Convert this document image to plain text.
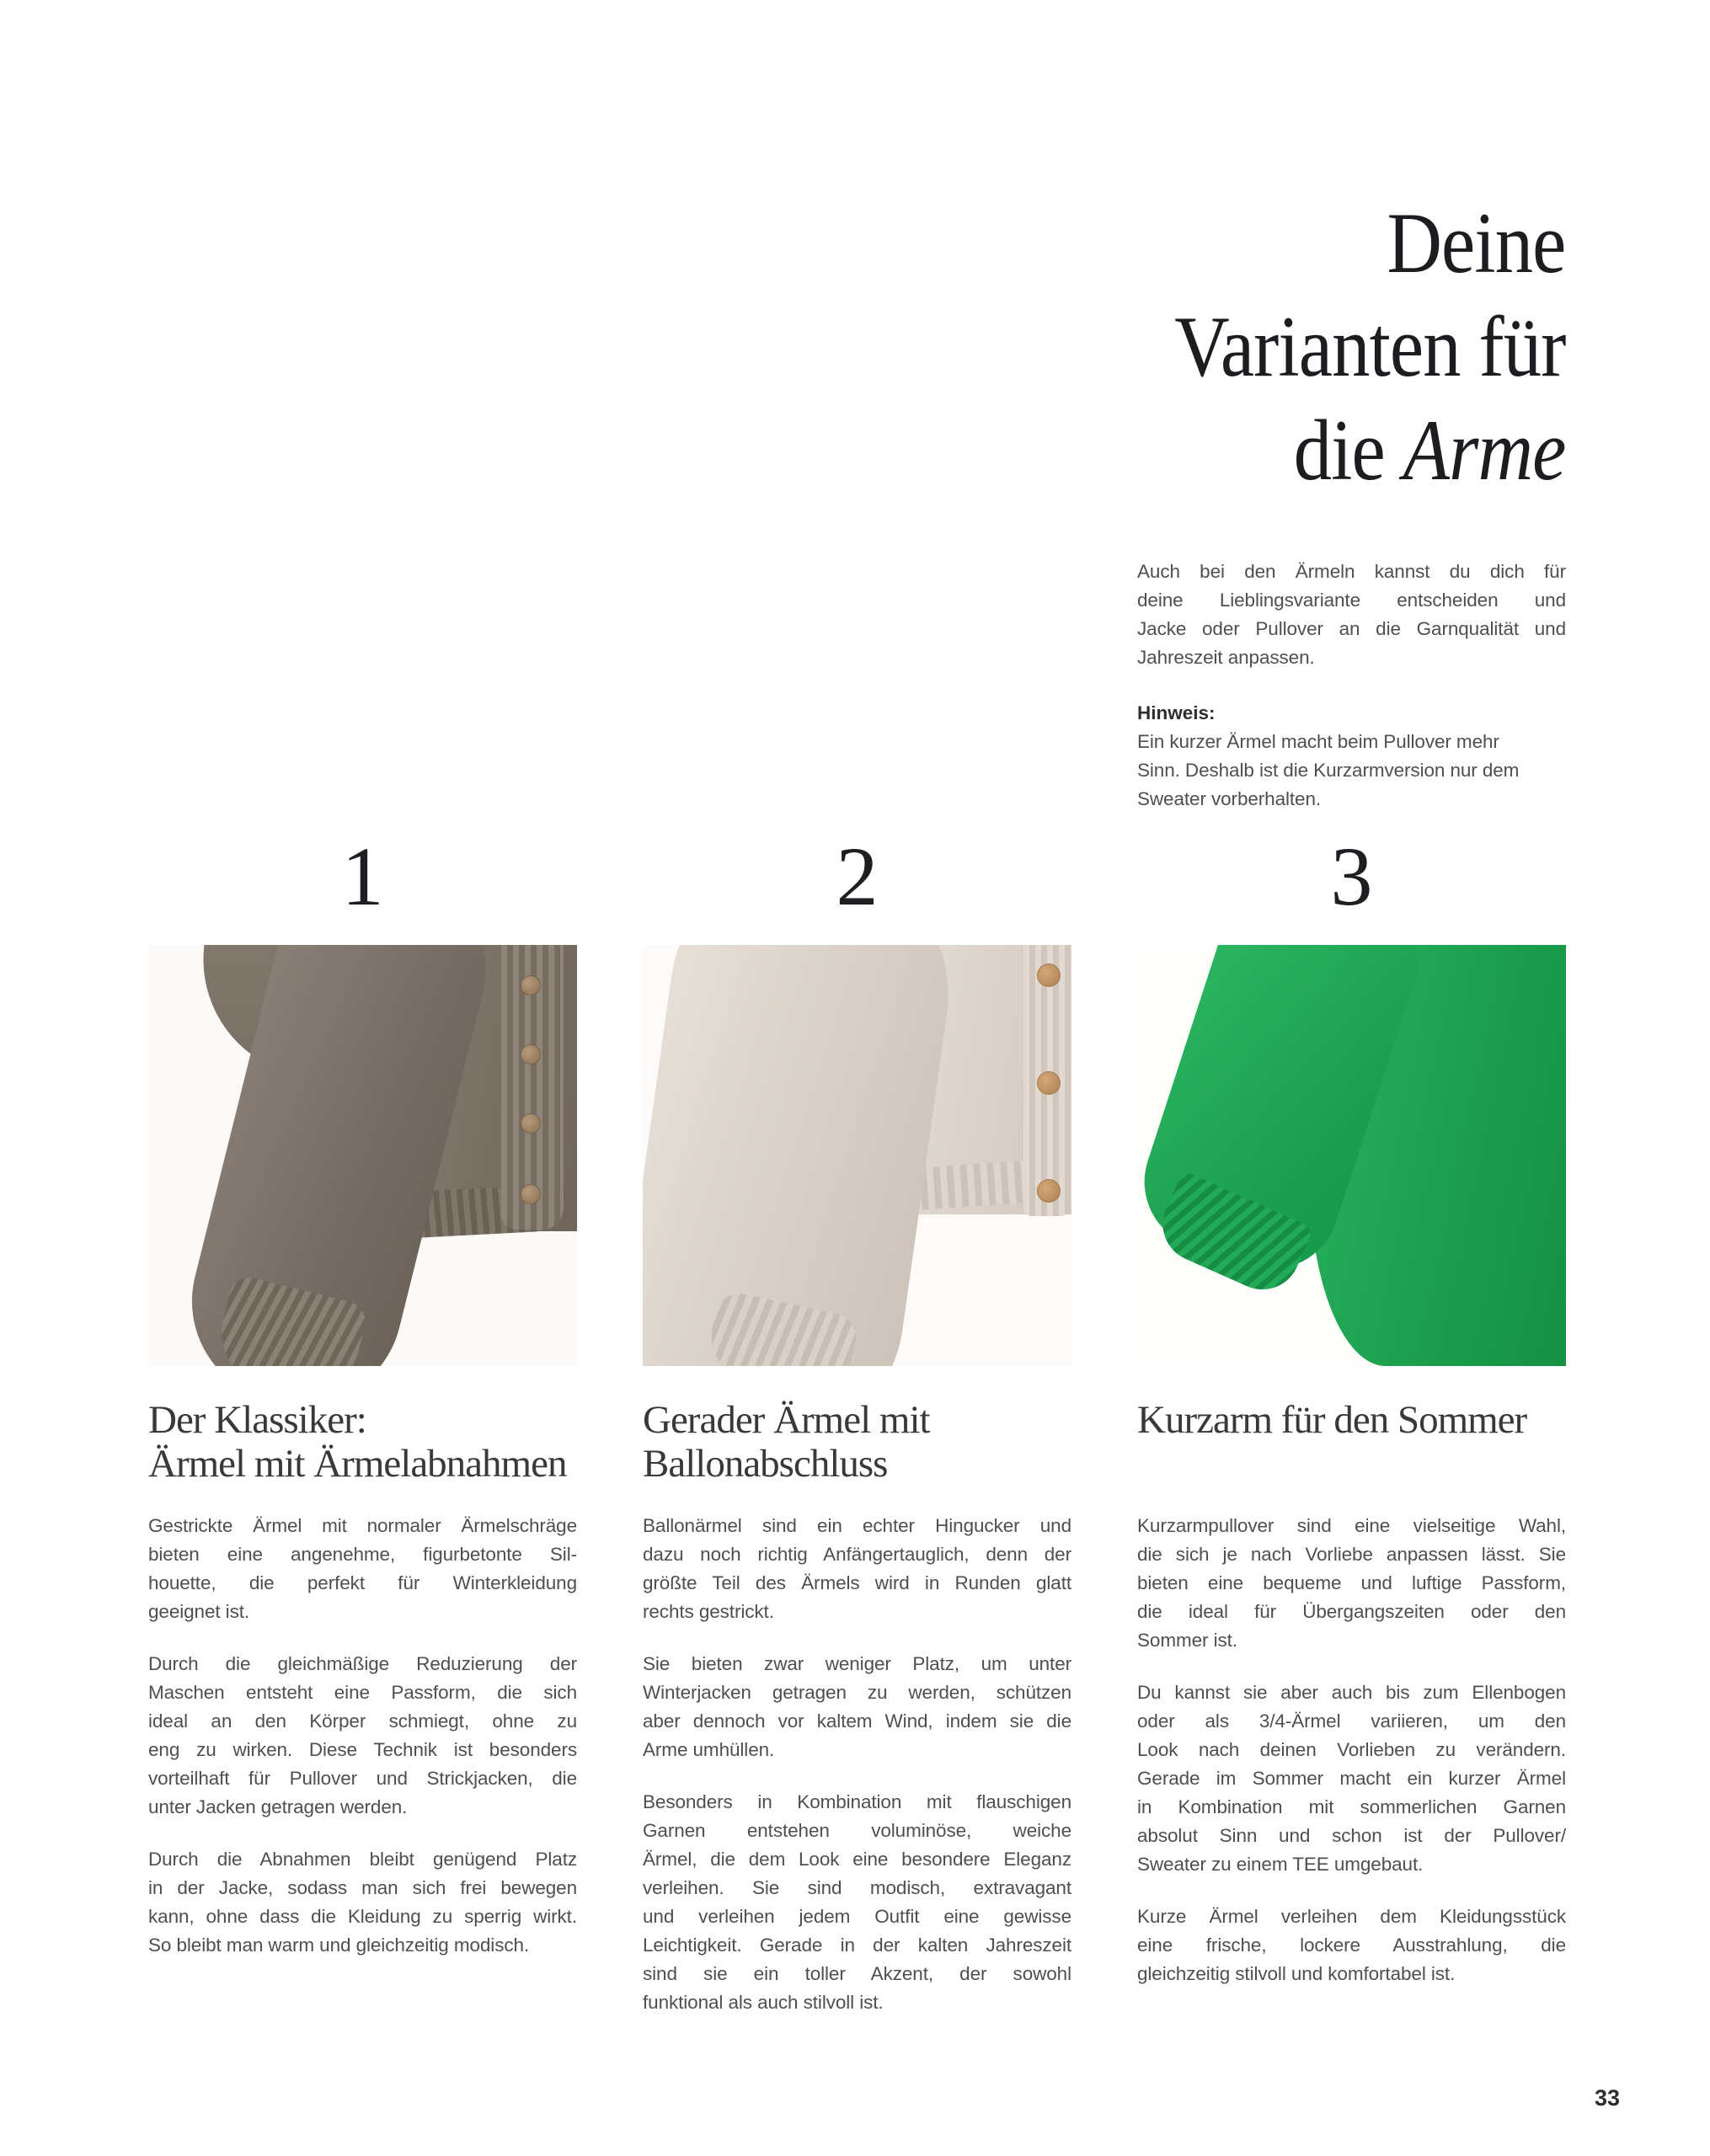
Deine
Varianten für
die Arme
Auch bei den Ärmeln kannst du dich für
deine Lieblingsvariante entscheiden und
Jacke oder Pullover an die Garnqualität und
Jahreszeit anpassen.
Hinweis:
Ein kurzer Ärmel macht beim Pullover mehr
Sinn. Deshalb ist die Kurzarmversion nur dem
Sweater vorberhalten.
1	2	3
Der Klassiker:
Ärmel mit Ärmelabnahmen
Gerader Ärmel mit
Ballonabschluss
Kurzarm für den Sommer

Gestrickte Ärmel mit normaler Ärmelschräge
bieten eine angenehme, figurbetonte Sil-
houette, die perfekt für Winterkleidung
geeignet ist.

Durch die gleichmäßige Reduzierung der
Maschen entsteht eine Passform, die sich
ideal an den Körper schmiegt, ohne zu
eng zu wirken. Diese Technik ist besonders
vorteilhaft für Pullover und Strickjacken, die
unter Jacken getragen werden.

Durch die Abnahmen bleibt genügend Platz
in der Jacke, sodass man sich frei bewegen
kann, ohne dass die Kleidung zu sperrig wirkt.
So bleibt man warm und gleichzeitig modisch.

Ballonärmel sind ein echter Hingucker und
dazu noch richtig Anfängertauglich, denn der
größte Teil des Ärmels wird in Runden glatt
rechts gestrickt.

Sie bieten zwar weniger Platz, um unter
Winterjacken getragen zu werden, schützen
aber dennoch vor kaltem Wind, indem sie die
Arme umhüllen.

Besonders in Kombination mit flauschigen
Garnen entstehen voluminöse, weiche
Ärmel, die dem Look eine besondere Eleganz
verleihen. Sie sind modisch, extravagant
und verleihen jedem Outfit eine gewisse
Leichtigkeit. Gerade in der kalten Jahreszeit
sind sie ein toller Akzent, der sowohl
funktional als auch stilvoll ist.

Kurzarmpullover sind eine vielseitige Wahl,
die sich je nach Vorliebe anpassen lässt. Sie
bieten eine bequeme und luftige Passform,
die ideal für Übergangszeiten oder den
Sommer ist.

Du kannst sie aber auch bis zum Ellenbogen
oder als 3/4-Ärmel variieren, um den
Look nach deinen Vorlieben zu verändern.
Gerade im Sommer macht ein kurzer Ärmel
in Kombination mit sommerlichen Garnen
absolut Sinn und schon ist der Pullover/
Sweater zu einem TEE umgebaut.

Kurze Ärmel verleihen dem Kleidungsstück
eine frische, lockere Ausstrahlung, die
gleichzeitig stilvoll und komfortabel ist.

33
